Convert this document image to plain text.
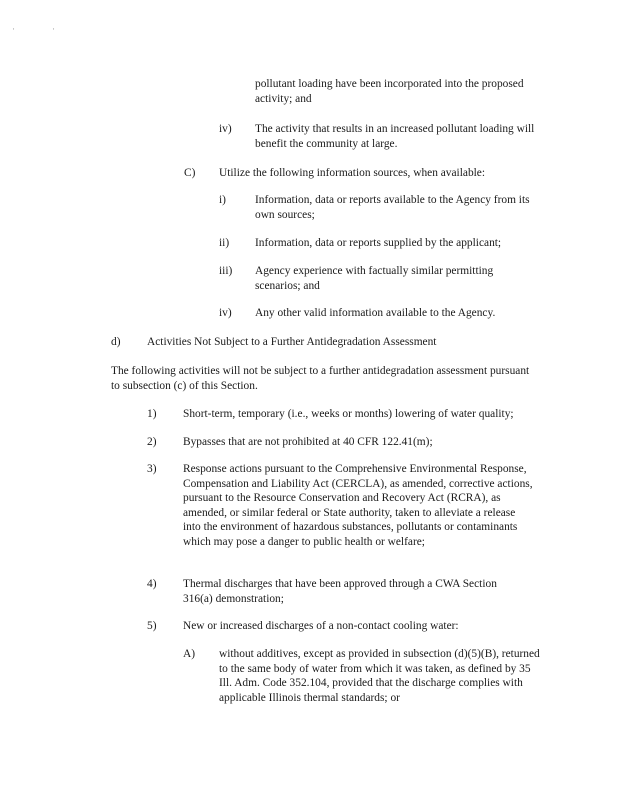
·	·
pollutant loading have been incorporated into the proposed activity; and
iv) The activity that results in an increased pollutant loading will benefit the community at large.
C) Utilize the following information sources, when available:
i)	Information, data or reports available to the Agency from its own sources;
ii) Information, data or reports supplied by the applicant;
iii) Agency experience with factually similar permitting scenarios; and
iv) Any other valid information available to the Agency.
d) Activities Not Subject to a Further Antidegradation Assessment
The following activities will not be subject to a further antidegradation assessment pursuant to subsection (c) of this Section.
1) Short-term, temporary (i.e., weeks or months) lowering of water quality;
2) Bypasses that are not prohibited at 40 CFR 122.41(m);
3) Response actions pursuant to the Comprehensive Environmental Response, Compensation and Liability Act (CERCLA), as amended, corrective actions, pursuant to the Resource Conservation and Recovery Act (RCRA), as amended, or similar federal or State authority, taken to alleviate a release into the environment of hazardous substances, pollutants or contaminants which may pose a danger to public health or welfare;
4) Thermal discharges that have been approved through a CWA Section 316(a) demonstration;
5) New or increased discharges of a non-contact cooling water:
A) without additives, except as provided in subsection (d)(5)(B), returned to the same body of water from which it was taken, as defined by 35 Ill. Adm. Code 352.104, provided that the discharge complies with applicable Illinois thermal standards; or
